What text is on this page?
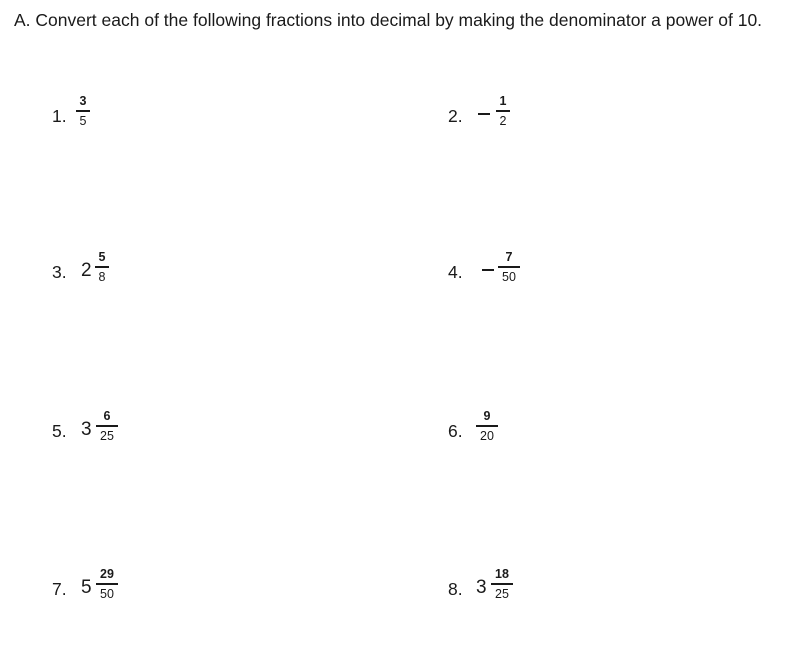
A. Convert each of the following fractions into decimal by making the denominator a power of 10.

1.
3
5	2.
1
2
3. 2
5
8	4.
7
50
5. 3
6
25	6.
9
20
7. 5
29
50	8. 3
18
25
